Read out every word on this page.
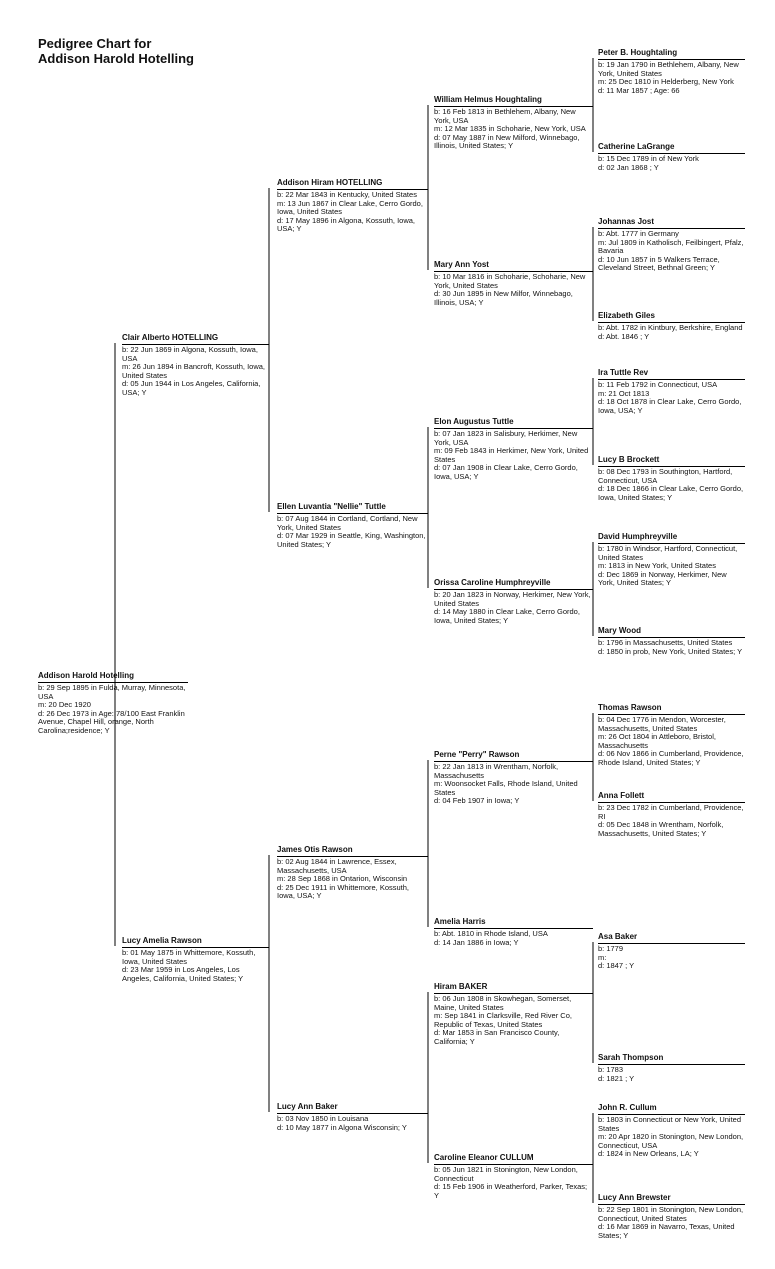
Pedigree Chart for
Addison Harold Hotelling
Addison Harold Hotelling
b: 29 Sep 1895 in Fulda, Murray, Minnesota, USA
m: 20 Dec 1920
d: 26 Dec 1973 in Age: 78/100 East Franklin Avenue, Chapel Hill, orange, North Carolina;residence; Y
Clair Alberto HOTELLING
b: 22 Jun 1869 in Algona, Kossuth, Iowa, USA
m: 26 Jun 1894 in Bancroft, Kossuth, Iowa, United States
d: 05 Jun 1944 in Los Angeles, California, USA; Y
Lucy Amelia Rawson
b: 01 May 1875 in Whittemore, Kossuth, Iowa, United States
d: 23 Mar 1959 in Los Angeles, Los Angeles, California, United States; Y
Addison Hiram HOTELLING
b: 22 Mar 1843 in Kentucky, United States
m: 13 Jun 1867 in Clear Lake, Cerro Gordo, Iowa, United States
d: 17 May 1896 in Algona, Kossuth, Iowa, USA; Y
Ellen Luvantia "Nellie" Tuttle
b: 07 Aug 1844 in Cortland, Cortland, New York, United States
d: 07 Mar 1929 in Seattle, King, Washington, United States; Y
James Otis Rawson
b: 02 Aug 1844 in Lawrence, Essex, Massachusetts, USA
m: 28 Sep 1868 in Ontarion, Wisconsin
d: 25 Dec 1911 in Whittemore, Kossuth, Iowa, USA; Y
Lucy Ann Baker
b: 03 Nov 1850 in Louisana
d: 10 May 1877 in Algona Wisconsin; Y
William Helmus Houghtaling
b: 16 Feb 1813 in Bethlehem, Albany, New York, USA
m: 12 Mar 1835 in Schoharie, New York, USA
d: 07 May 1887 in New Milford, Winnebago, Illinois, United States; Y
Mary Ann Yost
b: 10 Mar 1816 in Schoharie, Schoharie, New York, United States
d: 30 Jun 1895 in New Milfor, Winnebago, Illinois, USA; Y
Elon Augustus Tuttle
b: 07 Jan 1823 in Salisbury, Herkimer, New York, USA
m: 09 Feb 1843 in Herkimer, New York, United States
d: 07 Jan 1908 in Clear Lake, Cerro Gordo, Iowa, USA; Y
Orissa Caroline Humphreyville
b: 20 Jan 1823 in Norway, Herkimer, New York, United States
d: 14 May 1880 in Clear Lake, Cerro Gordo, Iowa, United States; Y
Perne "Perry" Rawson
b: 22 Jan 1813 in Wrentham, Norfolk, Massachusetts
m: Woonsocket Falls, Rhode Island, United States
d: 04 Feb 1907 in Iowa; Y
Amelia Harris
b: Abt. 1810 in Rhode Island, USA
d: 14 Jan 1886 in Iowa; Y
Hiram BAKER
b: 06 Jun 1808 in Skowhegan, Somerset, Maine, United States
m: Sep 1841 in Clarksville, Red River Co, Republic of Texas, United States
d: Mar 1853 in San Francisco County, California; Y
Caroline Eleanor CULLUM
b: 05 Jun 1821 in Stonington, New London, Connecticut
d: 15 Feb 1906 in Weatherford, Parker, Texas; Y
Peter B. Houghtaling
b: 19 Jan 1790 in Bethlehem, Albany, New York, United States
m: 25 Dec 1810 in Helderberg, New York
d: 11 Mar 1857 ; Age: 66
Catherine LaGrange
b: 15 Dec 1789 in of New York
d: 02 Jan 1868 ; Y
Johannas Jost
b: Abt. 1777 in Germany
m: Jul 1809 in Katholisch, Feilbingert, Pfalz, Bavaria
d: 10 Jun 1857 in 5 Walkers Terrace, Cleveland Street, Bethnal Green; Y
Elizabeth Giles
b: Abt. 1782 in Kintbury, Berkshire, England
d: Abt. 1846 ; Y
Ira Tuttle Rev
b: 11 Feb 1792 in Connecticut, USA
m: 21 Oct 1813
d: 18 Oct 1878 in Clear Lake, Cerro Gordo, Iowa, USA; Y
Lucy B Brockett
b: 08 Dec 1793 in Southington, Hartford, Connecticut, USA
d: 18 Dec 1866 in Clear Lake, Cerro Gordo, Iowa, United States; Y
David Humphreyville
b: 1780 in Windsor, Hartford, Connecticut, United States
m: 1813 in New York, United States
d: Dec 1869 in Norway, Herkimer, New York, United States; Y
Mary Wood
b: 1796 in Massachusetts, United States
d: 1850 in prob, New York, United States; Y
Thomas Rawson
b: 04 Dec 1776 in Mendon, Worcester, Massachusetts, United States
m: 26 Oct 1804 in Attleboro, Bristol, Massachusetts
d: 06 Nov 1866 in Cumberland, Providence, Rhode Island, United States; Y
Anna Follett
b: 23 Dec 1782 in Cumberland, Providence, RI
d: 05 Dec 1848 in Wrentham, Norfolk, Massachusetts, United States; Y
Asa Baker
b: 1779
m:
d: 1847 ; Y
Sarah Thompson
b: 1783
d: 1821 ; Y
John R. Cullum
b: 1803 in Connecticut or New York, United States
m: 20 Apr 1820 in Stonington, New London, Connecticut, USA
d: 1824 in New Orleans, LA; Y
Lucy Ann Brewster
b: 22 Sep 1801 in Stonington, New London, Connecticut, United States
d: 16 Mar 1869 in Navarro, Texas, United States; Y
